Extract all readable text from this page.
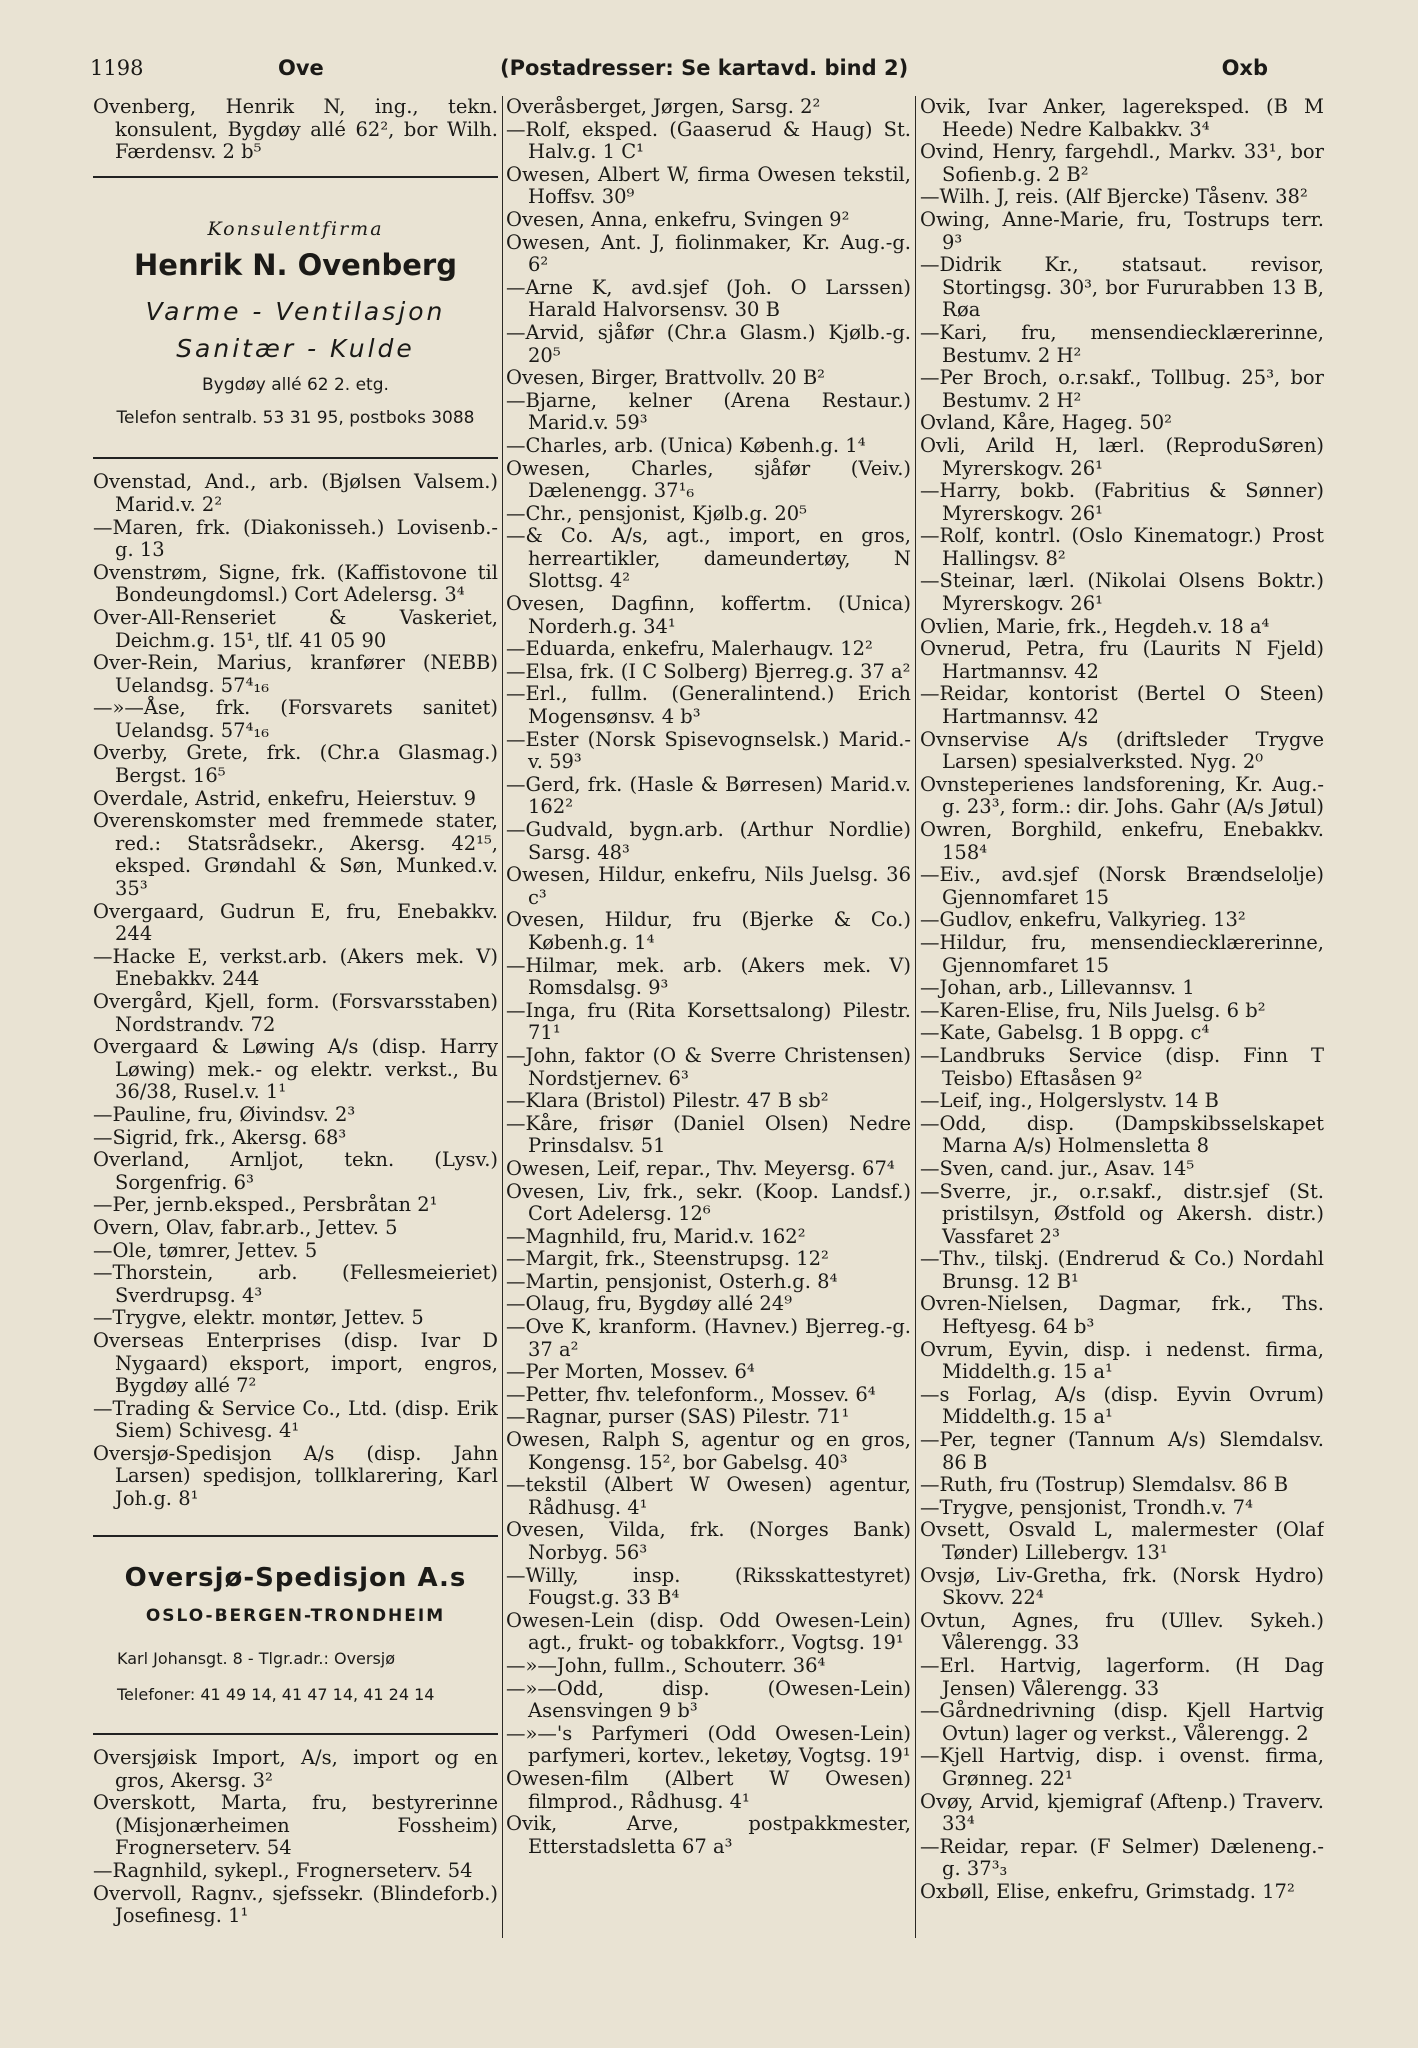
1198	Ove	(Postadresser: Se kartavd. bind 2)	Oxb

Ovenberg, Henrik N, ing., tekn. konsulent, Bygdøy allé 62², bor Wilh. Færdensv. 2 b⁵

Konsulentfirma
Henrik N. Ovenberg
Varme - Ventilasjon
Sanitær - Kulde
Bygdøy allé 62 2. etg.
Telefon sentralb. 53 31 95, postboks 3088

Ovenstad, And., arb. (Bjølsen Valsem.) Marid.v. 2²

—Maren, frk. (Diakonisseh.) Lovisenb.-g. 13

Ovenstrøm, Signe, frk. (Kaffistovone til Bondeungdomsl.) Cort Adelersg. 3⁴

Over-All-Renseriet & Vaskeriet, Deichm.g. 15¹, tlf. 41 05 90

Over-Rein, Marius, kranfører (NEBB) Uelandsg. 57⁴₁₆

—»—Åse, frk. (Forsvarets sanitet) Uelandsg. 57⁴₁₆

Overby, Grete, frk. (Chr.a Glasmag.) Bergst. 16⁵

Overdale, Astrid, enkefru, Heierstuv. 9

Overenskomster med fremmede stater, red.: Statsrådsekr., Akersg. 42¹⁵, eksped. Grøndahl & Søn, Munked.v. 35³

Overgaard, Gudrun E, fru, Enebakkv. 244

—Hacke E, verkst.arb. (Akers mek. V) Enebakkv. 244

Overgård, Kjell, form. (Forsvarsstaben) Nordstrandv. 72

Overgaard & Løwing A/s (disp. Harry Løwing) mek.- og elektr. verkst., Bu 36/38, Rusel.v. 1¹

—Pauline, fru, Øivindsv. 2³

—Sigrid, frk., Akersg. 68³

Overland, Arnljot, tekn. (Lysv.) Sorgenfrig. 6³

—Per, jernb.eksped., Persbråtan 2¹

Overn, Olav, fabr.arb., Jettev. 5

—Ole, tømrer, Jettev. 5

—Thorstein, arb. (Fellesmeieriet) Sverdrupsg. 4³

—Trygve, elektr. montør, Jettev. 5

Overseas Enterprises (disp. Ivar D Nygaard) eksport, import, engros, Bygdøy allé 7²

—Trading & Service Co., Ltd. (disp. Erik Siem) Schivesg. 4¹

Oversjø-Spedisjon A/s (disp. Jahn Larsen) spedisjon, tollklarering, Karl Joh.g. 8¹

Oversjø-Spedisjon A.s
OSLO-BERGEN-TRONDHEIM
Karl Johansgt. 8 - Tlgr.adr.: Oversjø
Telefoner: 41 49 14, 41 47 14, 41 24 14

Oversjøisk Import, A/s, import og en gros, Akersg. 3²

Overskott, Marta, fru, bestyrerinne (Misjonærheimen Fossheim) Frognerseterv. 54

—Ragnhild, sykepl., Frognerseterv. 54

Overvoll, Ragnv., sjefssekr. (Blindeforb.) Josefinesg. 1¹

Overåsberget, Jørgen, Sarsg. 2²

—Rolf, eksped. (Gaaserud & Haug) St. Halv.g. 1 C¹

Owesen, Albert W, firma Owesen tekstil, Hoffsv. 30⁹

Ovesen, Anna, enkefru, Svingen 9²

Owesen, Ant. J, fiolinmaker, Kr. Aug.-g. 6²

—Arne K, avd.sjef (Joh. O Larssen) Harald Halvorsensv. 30 B

—Arvid, sjåfør (Chr.a Glasm.) Kjølb.-g. 20⁵

Ovesen, Birger, Brattvollv. 20 B²

—Bjarne, kelner (Arena Restaur.) Marid.v. 59³

—Charles, arb. (Unica) Københ.g. 1⁴

Owesen, Charles, sjåfør (Veiv.) Dælenengg. 37¹₆

—Chr., pensjonist, Kjølb.g. 20⁵

—& Co. A/s, agt., import, en gros, herreartikler, dameundertøy, N Slottsg. 4²

Ovesen, Dagfinn, koffertm. (Unica) Norderh.g. 34¹

—Eduarda, enkefru, Malerhaugv. 12²

—Elsa, frk. (I C Solberg) Bjerreg.g. 37 a²

—Erl., fullm. (Generalintend.) Erich Mogensønsv. 4 b³

—Ester (Norsk Spisevognselsk.) Marid.-v. 59³

—Gerd, frk. (Hasle & Børresen) Marid.v. 162²

—Gudvald, bygn.arb. (Arthur Nordlie) Sarsg. 48³

Owesen, Hildur, enkefru, Nils Juelsg. 36 c³

Ovesen, Hildur, fru (Bjerke & Co.) Københ.g. 1⁴

—Hilmar, mek. arb. (Akers mek. V) Romsdalsg. 9³

—Inga, fru (Rita Korsettsalong) Pilestr. 71¹

—John, faktor (O & Sverre Christensen) Nordstjernev. 6³

—Klara (Bristol) Pilestr. 47 B sb²

—Kåre, frisør (Daniel Olsen) Nedre Prinsdalsv. 51

Owesen, Leif, repar., Thv. Meyersg. 67⁴

Ovesen, Liv, frk., sekr. (Koop. Landsf.) Cort Adelersg. 12⁶

—Magnhild, fru, Marid.v. 162²

—Margit, frk., Steenstrupsg. 12²

—Martin, pensjonist, Osterh.g. 8⁴

—Olaug, fru, Bygdøy allé 24⁹

—Ove K, kranform. (Havnev.) Bjerreg.-g. 37 a²

—Per Morten, Mossev. 6⁴

—Petter, fhv. telefonform., Mossev. 6⁴

—Ragnar, purser (SAS) Pilestr. 71¹

Owesen, Ralph S, agentur og en gros, Kongensg. 15², bor Gabelsg. 40³

—tekstil (Albert W Owesen) agentur, Rådhusg. 4¹

Ovesen, Vilda, frk. (Norges Bank) Norbyg. 56³

—Willy, insp. (Riksskattestyret) Fougst.g. 33 B⁴

Owesen-Lein (disp. Odd Owesen-Lein) agt., frukt- og tobakkforr., Vogtsg. 19¹

—»—John, fullm., Schouterr. 36⁴

—»—Odd, disp. (Owesen-Lein) Asensvingen 9 b³

—»—'s Parfymeri (Odd Owesen-Lein) parfymeri, kortev., leketøy, Vogtsg. 19¹

Owesen-film (Albert W Owesen) filmprod., Rådhusg. 4¹

Ovik, Arve, postpakkmester, Etterstadsletta 67 a³

Ovik, Ivar Anker, lagereksped. (B M Heede) Nedre Kalbakkv. 3⁴

Ovind, Henry, fargehdl., Markv. 33¹, bor Sofienb.g. 2 B²

—Wilh. J, reis. (Alf Bjercke) Tåsenv. 38²

Owing, Anne-Marie, fru, Tostrups terr. 9³

—Didrik Kr., statsaut. revisor, Stortingsg. 30³, bor Fururabben 13 B, Røa

—Kari, fru, mensendiecklærerinne, Bestumv. 2 H²

—Per Broch, o.r.sakf., Tollbug. 25³, bor Bestumv. 2 H²

Ovland, Kåre, Hageg. 50²

Ovli, Arild H, lærl. (ReproduSøren) Myrerskogv. 26¹

—Harry, bokb. (Fabritius & Sønner) Myrerskogv. 26¹

—Rolf, kontrl. (Oslo Kinematogr.) Prost Hallingsv. 8²

—Steinar, lærl. (Nikolai Olsens Boktr.) Myrerskogv. 26¹

Ovlien, Marie, frk., Hegdeh.v. 18 a⁴

Ovnerud, Petra, fru (Laurits N Fjeld) Hartmannsv. 42

—Reidar, kontorist (Bertel O Steen) Hartmannsv. 42

Ovnservise A/s (driftsleder Trygve Larsen) spesialverksted. Nyg. 2⁰

Ovnsteperienes landsforening, Kr. Aug.-g. 23³, form.: dir. Johs. Gahr (A/s Jøtul)

Owren, Borghild, enkefru, Enebakkv. 158⁴

—Eiv., avd.sjef (Norsk Brændselolje) Gjennomfaret 15

—Gudlov, enkefru, Valkyrieg. 13²

—Hildur, fru, mensendiecklærerinne, Gjennomfaret 15

—Johan, arb., Lillevannsv. 1

—Karen-Elise, fru, Nils Juelsg. 6 b²

—Kate, Gabelsg. 1 B oppg. c⁴

—Landbruks Service (disp. Finn T Teisbo) Eftasåsen 9²

—Leif, ing., Holgerslystv. 14 B

—Odd, disp. (Dampskibsselskapet Marna A/s) Holmensletta 8

—Sven, cand. jur., Asav. 14⁵

—Sverre, jr., o.r.sakf., distr.sjef (St. pristilsyn, Østfold og Akersh. distr.) Vassfaret 2³

—Thv., tilskj. (Endrerud & Co.) Nordahl Brunsg. 12 B¹

Ovren-Nielsen, Dagmar, frk., Ths. Heftyesg. 64 b³

Ovrum, Eyvin, disp. i nedenst. firma, Middelth.g. 15 a¹

—s Forlag, A/s (disp. Eyvin Ovrum) Middelth.g. 15 a¹

—Per, tegner (Tannum A/s) Slemdalsv. 86 B

—Ruth, fru (Tostrup) Slemdalsv. 86 B

—Trygve, pensjonist, Trondh.v. 7⁴

Ovsett, Osvald L, malermester (Olaf Tønder) Lillebergv. 13¹

Ovsjø, Liv-Gretha, frk. (Norsk Hydro) Skovv. 22⁴

Ovtun, Agnes, fru (Ullev. Sykeh.) Vålerengg. 33

—Erl. Hartvig, lagerform. (H Dag Jensen) Vålerengg. 33

—Gårdnedrivning (disp. Kjell Hartvig Ovtun) lager og verkst., Vålerengg. 2

—Kjell Hartvig, disp. i ovenst. firma, Grønneg. 22¹

Ovøy, Arvid, kjemigraf (Aftenp.) Traverv. 33⁴

—Reidar, repar. (F Selmer) Dæleneng.-g. 37³₃

Oxbøll, Elise, enkefru, Grimstadg. 17²
